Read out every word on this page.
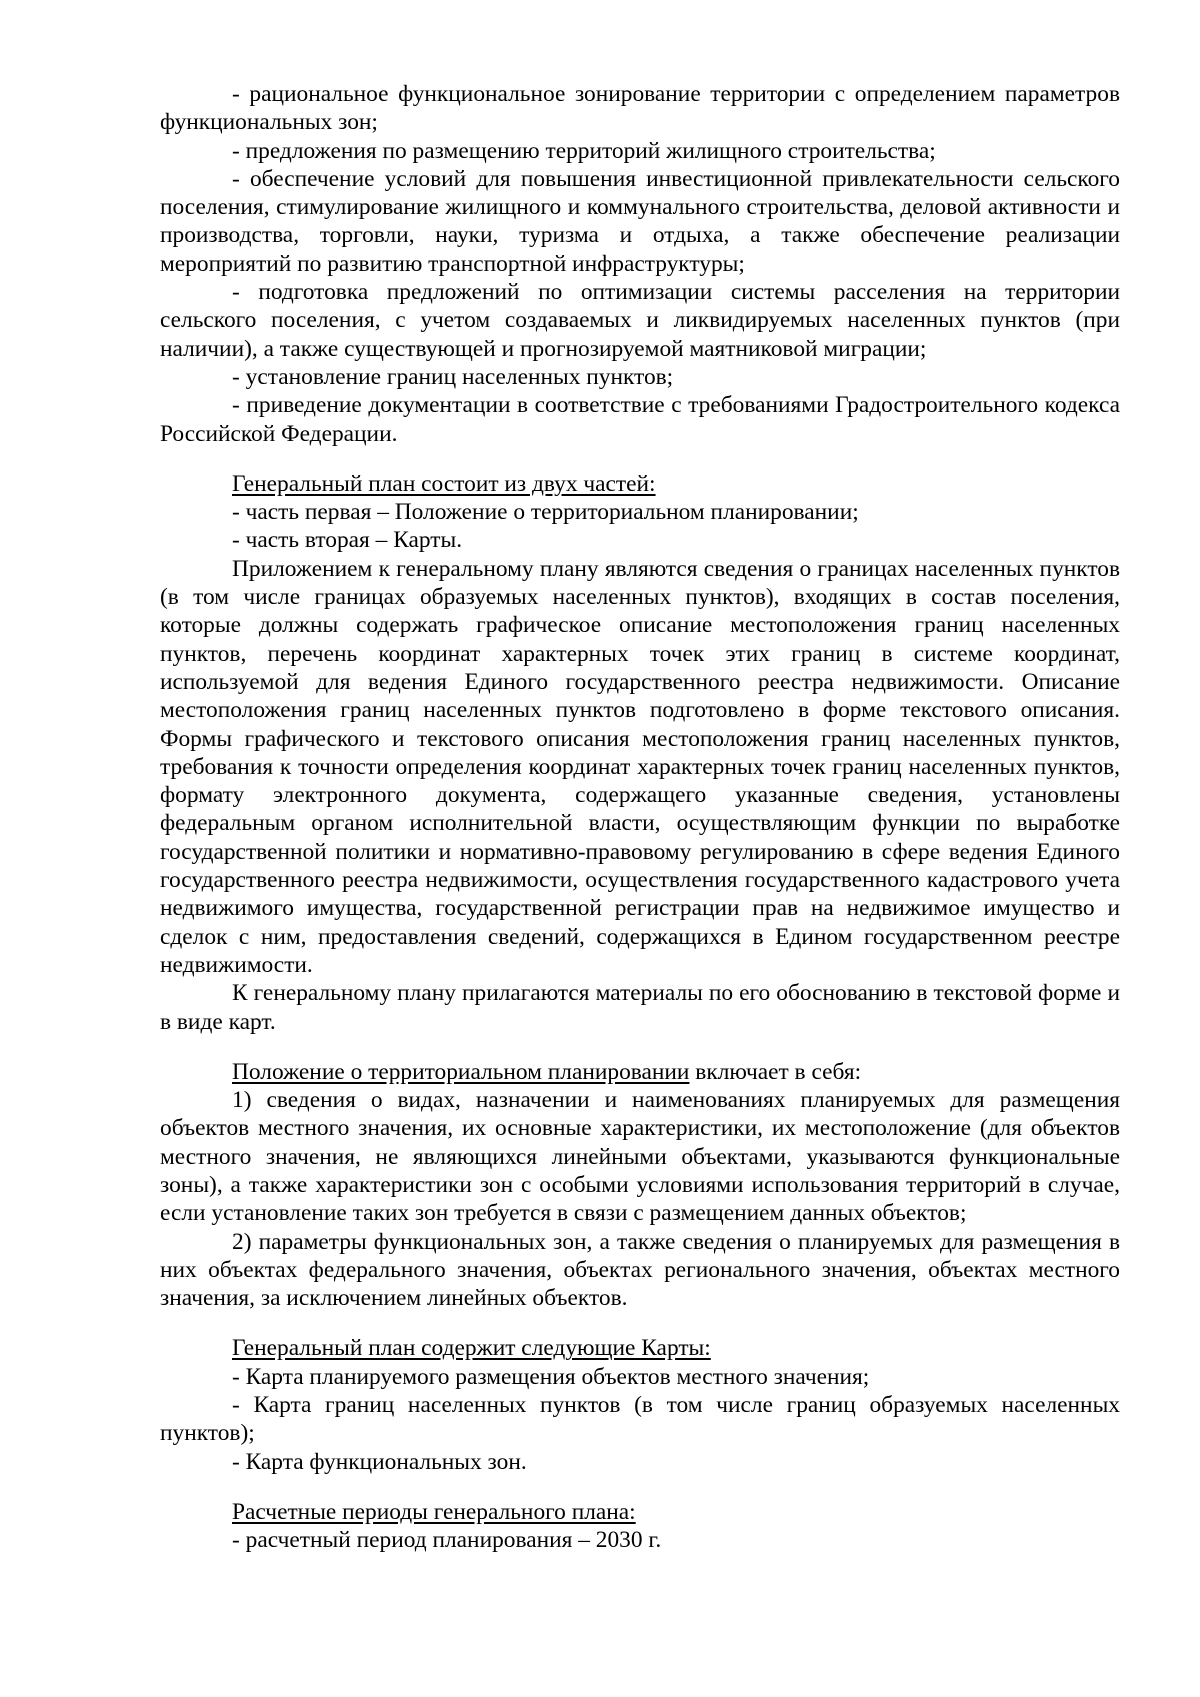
- рациональное функциональное зонирование территории с определением параметров функциональных зон;

- предложения по размещению территорий жилищного строительства;

- обеспечение условий для повышения инвестиционной привлекательности сельского поселения, стимулирование жилищного и коммунального строительства, деловой активности и производства, торговли, науки, туризма и отдыха, а также обеспечение реализации мероприятий по развитию транспортной инфраструктуры;

- подготовка предложений по оптимизации системы расселения на территории сельского поселения, с учетом создаваемых и ликвидируемых населенных пунктов (при наличии), а также существующей и прогнозируемой маятниковой миграции;

- установление границ населенных пунктов;

- приведение документации в соответствие с требованиями Градостроительного кодекса Российской Федерации.

Генеральный план состоит из двух частей:

- часть первая – Положение о территориальном планировании;

- часть вторая – Карты.

Приложением к генеральному плану являются сведения о границах населенных пунктов (в том числе границах образуемых населенных пунктов), входящих в состав поселения, которые должны содержать графическое описание местоположения границ населенных пунктов, перечень координат характерных точек этих границ в системе координат, используемой для ведения Единого государственного реестра недвижимости. Описание местоположения границ населенных пунктов подготовлено в форме текстового описания. Формы графического и текстового описания местоположения границ населенных пунктов, требования к точности определения координат характерных точек границ населенных пунктов, формату электронного документа, содержащего указанные сведения, установлены федеральным органом исполнительной власти, осуществляющим функции по выработке государственной политики и нормативно-правовому регулированию в сфере ведения Единого государственного реестра недвижимости, осуществления государственного кадастрового учета недвижимого имущества, государственной регистрации прав на недвижимое имущество и сделок с ним, предоставления сведений, содержащихся в Едином государственном реестре недвижимости.

К генеральному плану прилагаются материалы по его обоснованию в текстовой форме и в виде карт.

Положение о территориальном планировании включает в себя:

1) сведения о видах, назначении и наименованиях планируемых для размещения объектов местного значения, их основные характеристики, их местоположение (для объектов местного значения, не являющихся линейными объектами, указываются функциональные зоны), а также характеристики зон с особыми условиями использования территорий в случае, если установление таких зон требуется в связи с размещением данных объектов;

2) параметры функциональных зон, а также сведения о планируемых для размещения в них объектах федерального значения, объектах регионального значения, объектах местного значения, за исключением линейных объектов.

Генеральный план содержит следующие Карты:

- Карта планируемого размещения объектов местного значения;

- Карта границ населенных пунктов (в том числе границ образуемых населенных пунктов);

- Карта функциональных зон.

Расчетные периоды генерального плана:

- расчетный период планирования – 2030 г.
